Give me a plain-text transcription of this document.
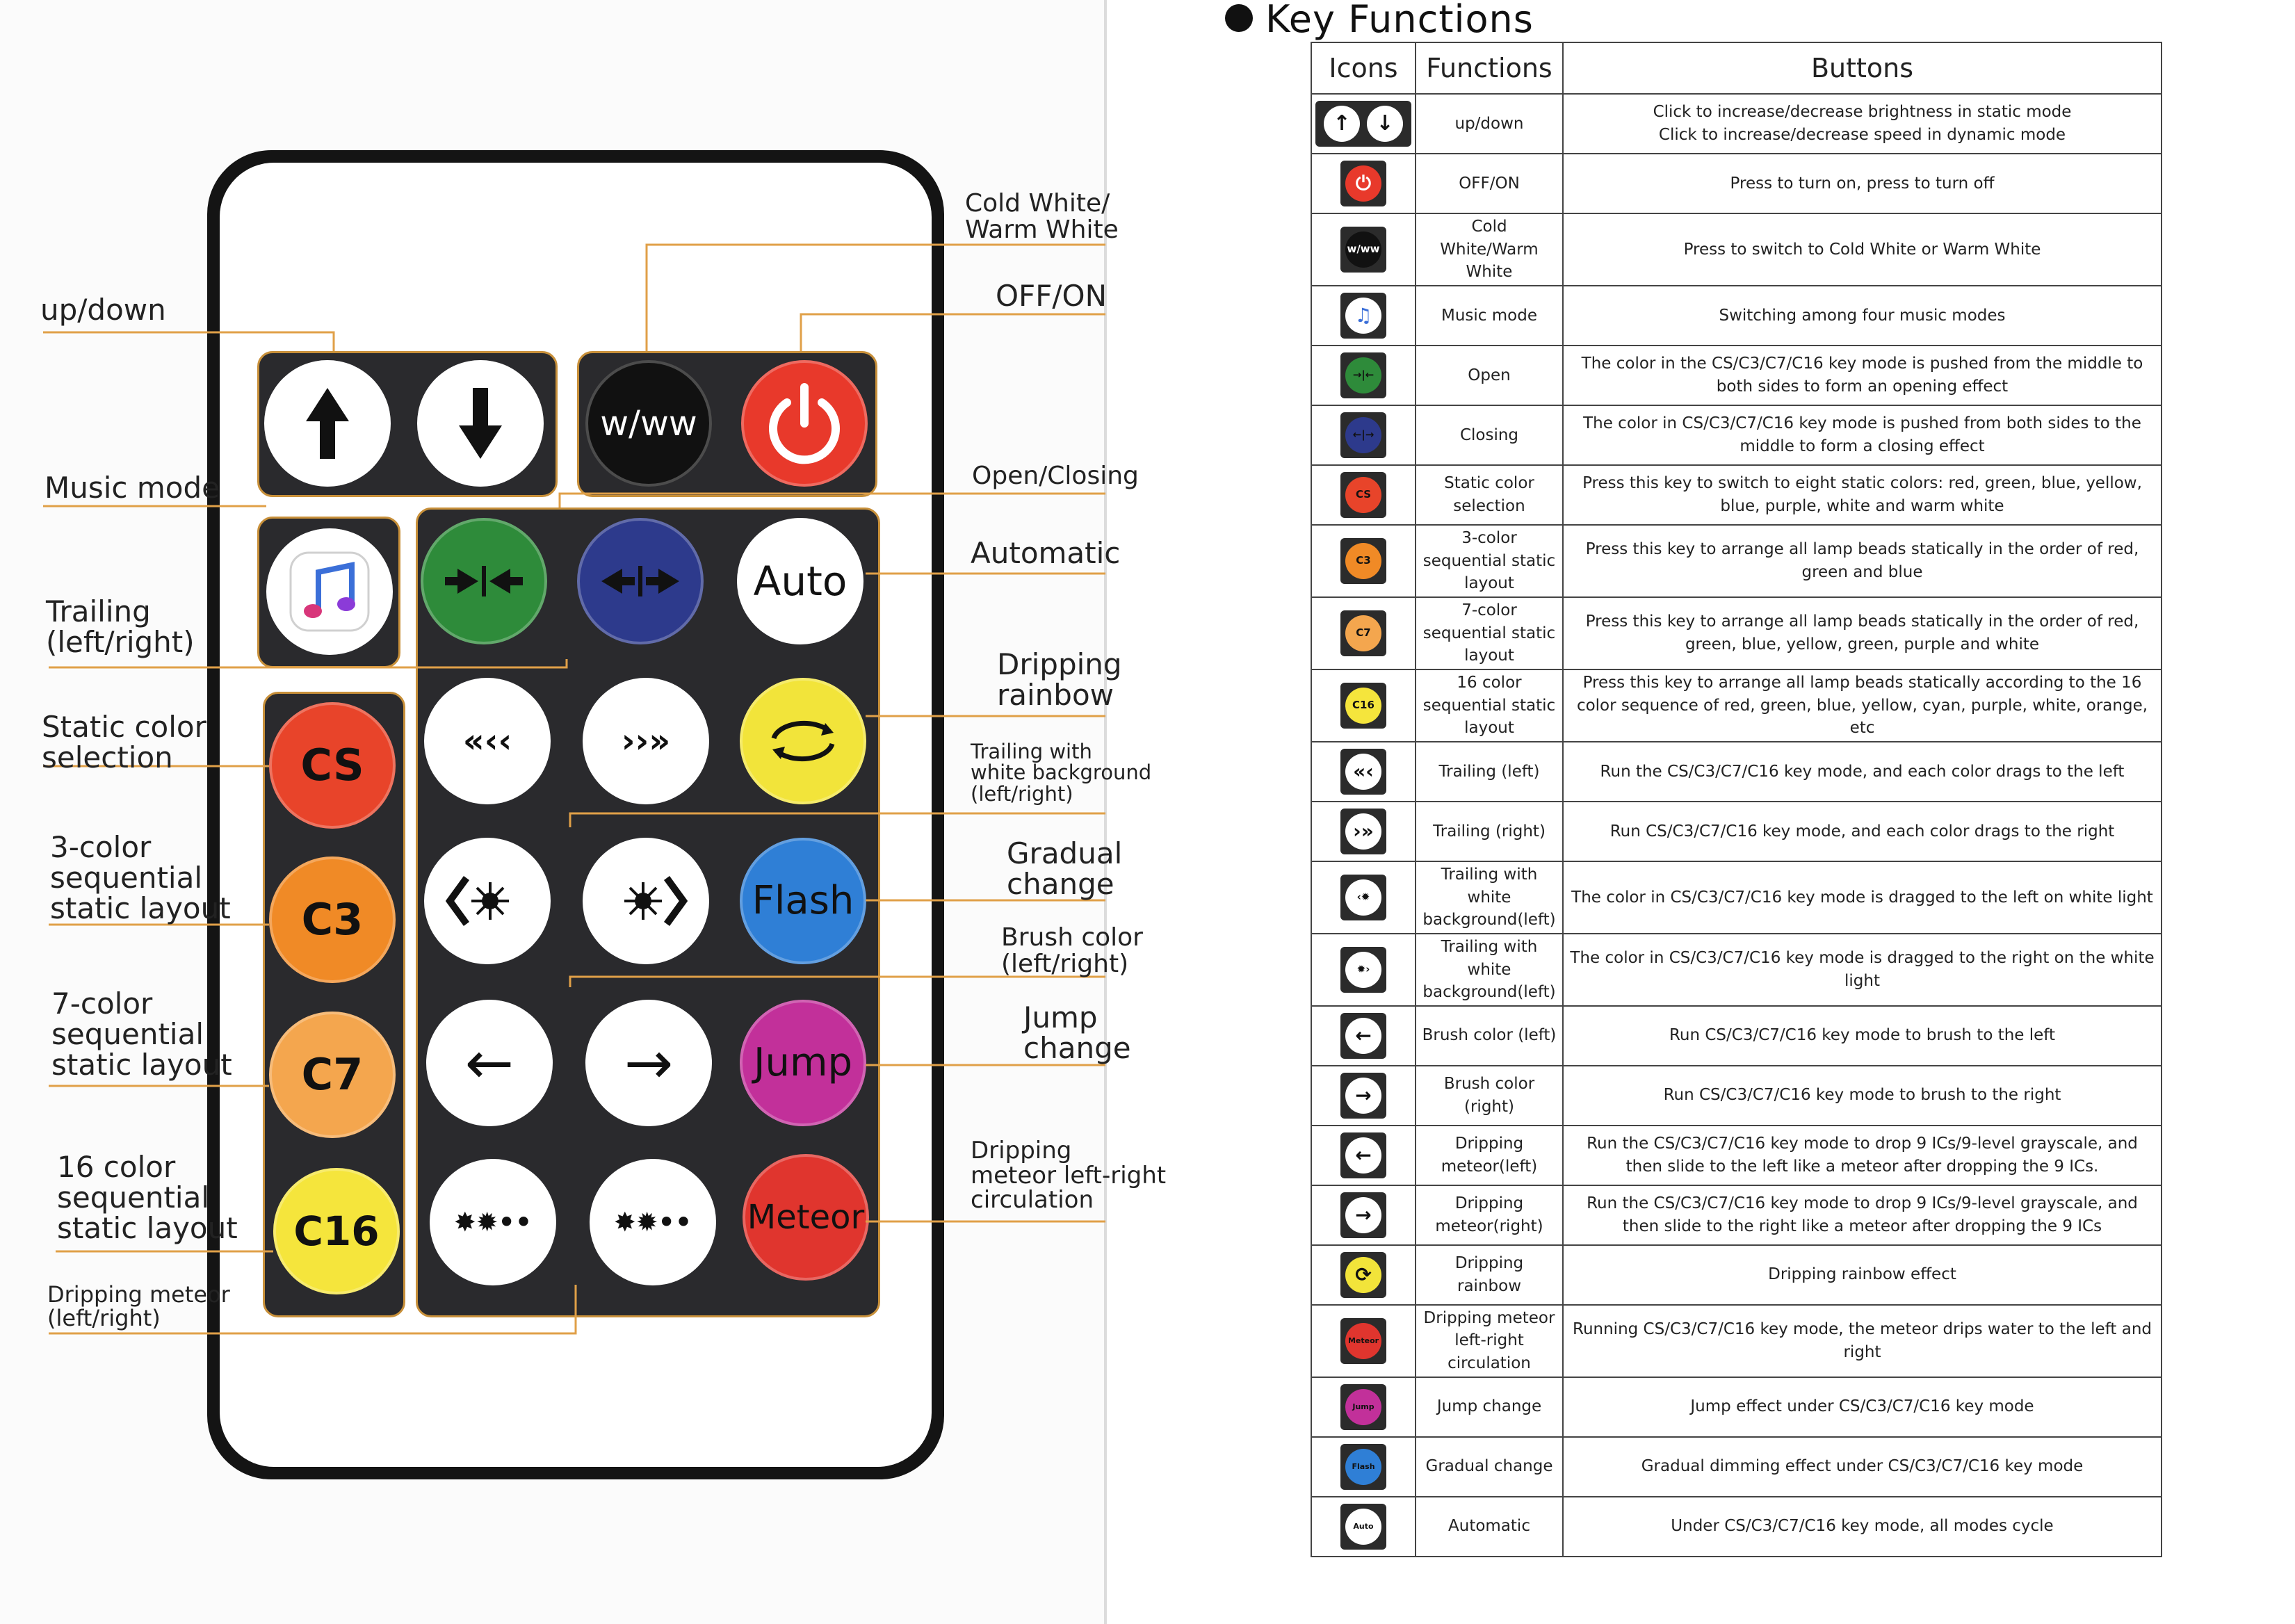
w/ww
Auto
CS	«‹‹	››»
C3	Flash
C7 ← → Jump
C16	✸✹••	✸✹•• Meteor
up/down
Music mode
Trailing
(left/right)
Static color
selection
3-color
sequential
static layout
7-color
sequential
static layout
16 color
sequential
static layout
Dripping meteor
(left/right)
Cold White/
Warm White
OFF/ON
Open/Closing
Automatic
Dripping
rainbow
Trailing with
white background
(left/right)
Gradual
change
Brush color
(left/right)
Jump
change
Dripping
meteor left-right
circulation
Key Functions
Icons	Functions	Buttons

↑ ↓	up/down	Click to increase/decrease brightness in static mode
Click to increase/decrease speed in dynamic mode

⏻	OFF/ON	Press to turn on, press to turn off

w/ww	Cold White/Warm White	Press to switch to Cold White or Warm White

♫	Music mode	Switching among four music modes

→|←	Open	The color in the CS/C3/C7/C16 key mode is pushed from the middle to both sides to form an opening effect

←|→	Closing	The color in CS/C3/C7/C16 key mode is pushed from both sides to the middle to form a closing effect

CS	Static color selection	Press this key to switch to eight static colors: red, green, blue, yellow, blue, purple, white and warm white

C3	3-color sequential static layout	Press this key to arrange all lamp beads statically in the order of red, green and blue

C7	7-color sequential static layout	Press this key to arrange all lamp beads statically in the order of red, green, blue, yellow, green, purple and white

C16	16 color sequential static layout	Press this key to arrange all lamp beads statically according to the 16 color sequence of red, green, blue, yellow, cyan, purple, white, orange, etc

«‹	Trailing (left)	Run the CS/C3/C7/C16 key mode, and each color drags to the left

›»	Trailing (right)	Run CS/C3/C7/C16 key mode, and each color drags to the right

‹✹	Trailing with white background(left)	The color in CS/C3/C7/C16 key mode is dragged to the left on white light

✹›	Trailing with white background(left)	The color in CS/C3/C7/C16 key mode is dragged to the right on the white light

←	Brush color (left)	Run CS/C3/C7/C16 key mode to brush to the left

→	Brush color (right)	Run CS/C3/C7/C16 key mode to brush to the right

←	Dripping meteor(left)	Run the CS/C3/C7/C16 key mode to drop 9 ICs/9-level grayscale, and then slide to the left like a meteor after dropping the 9 ICs.

→	Dripping meteor(right)	Run the CS/C3/C7/C16 key mode to drop 9 ICs/9-level grayscale, and then slide to the right like a meteor after dropping the 9 ICs

⟳	Dripping rainbow	Dripping rainbow effect

Meteor	Dripping meteor left-right circulation	Running CS/C3/C7/C16 key mode, the meteor drips water to the left and right

Jump	Jump change	Jump effect under CS/C3/C7/C16 key mode

Flash	Gradual change	Gradual dimming effect under CS/C3/C7/C16 key mode

Auto	Automatic	Under CS/C3/C7/C16 key mode, all modes cycle
